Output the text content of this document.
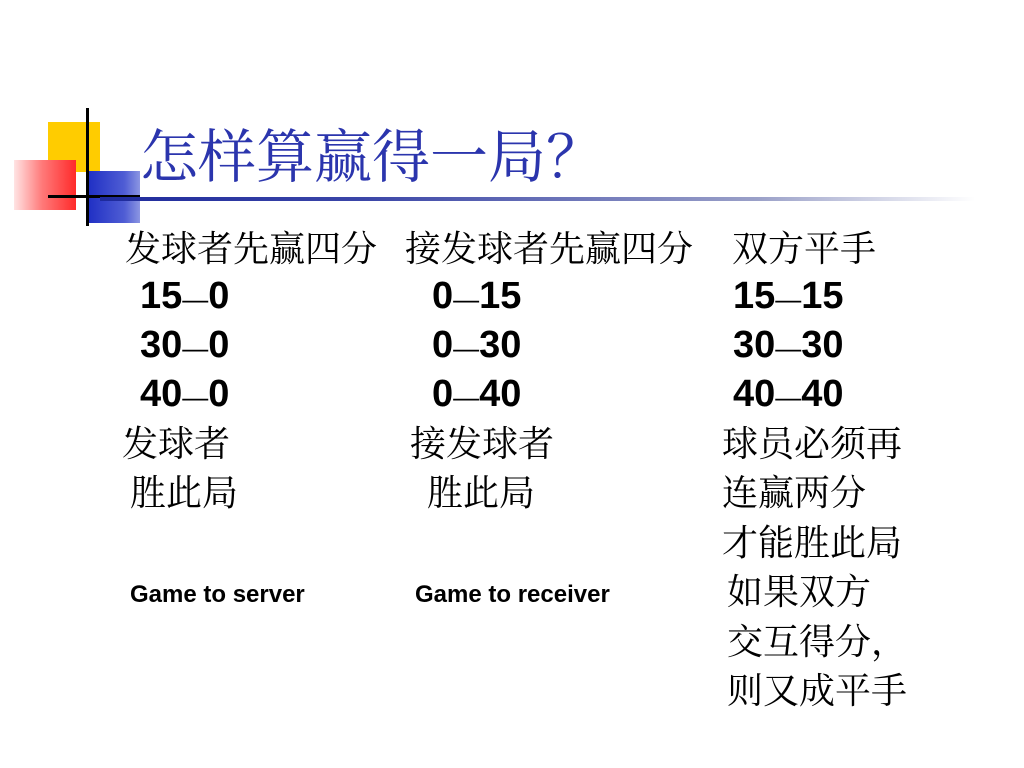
怎样算赢得一局？
发球者先赢四分
15—0
30—0
40—0
发球者
胜此局
Game to server
接发球者先赢四分
0—15
0—30
0—40
接发球者
胜此局
Game to receiver
双方平手
15—15
30—30
40—40
球员必须再
连赢两分
才能胜此局
如果双方
交互得分，
则又成平手
